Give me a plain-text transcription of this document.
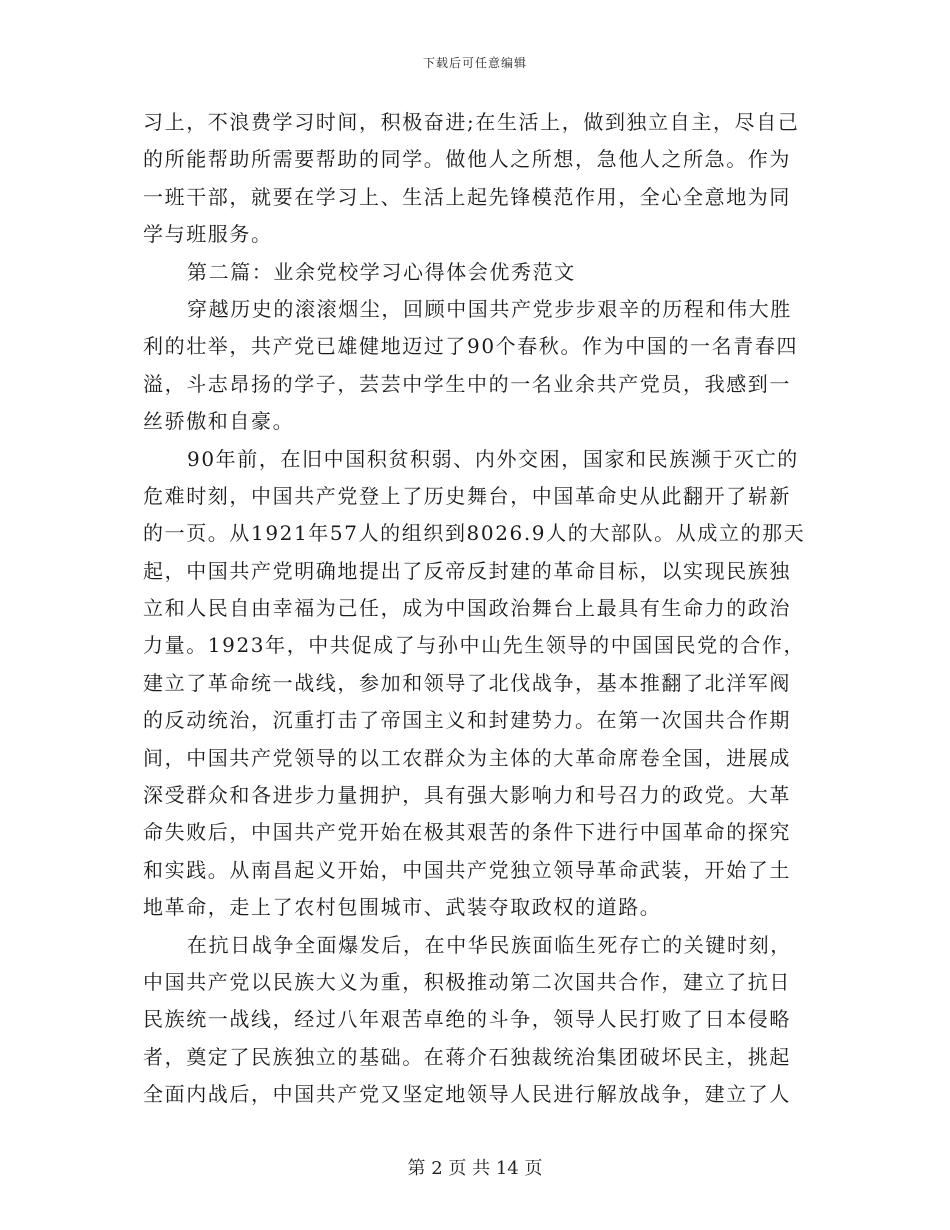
下载后可任意编辑
习上，不浪费学习时间，积极奋进;在生活上，做到独立自主，尽自己
的所能帮助所需要帮助的同学。做他人之所想，急他人之所急。作为
一班干部，就要在学习上、生活上起先锋模范作用，全心全意地为同
学与班服务。
第二篇：业余党校学习心得体会优秀范文
穿越历史的滚滚烟尘，回顾中国共产党步步艰辛的历程和伟大胜
利的壮举，共产党已雄健地迈过了90个春秋。作为中国的一名青春四
溢，斗志昂扬的学子，芸芸中学生中的一名业余共产党员，我感到一
丝骄傲和自豪。
90年前，在旧中国积贫积弱、内外交困，国家和民族濒于灭亡的
危难时刻，中国共产党登上了历史舞台，中国革命史从此翻开了崭新
的一页。从1921年57人的组织到8026.9人的大部队。从成立的那天
起，中国共产党明确地提出了反帝反封建的革命目标，以实现民族独
立和人民自由幸福为己任，成为中国政治舞台上最具有生命力的政治
力量。1923年，中共促成了与孙中山先生领导的中国国民党的合作，
建立了革命统一战线，参加和领导了北伐战争，基本推翻了北洋军阀
的反动统治，沉重打击了帝国主义和封建势力。在第一次国共合作期
间，中国共产党领导的以工农群众为主体的大革命席卷全国，进展成
深受群众和各进步力量拥护，具有强大影响力和号召力的政党。大革
命失败后，中国共产党开始在极其艰苦的条件下进行中国革命的探究
和实践。从南昌起义开始，中国共产党独立领导革命武装，开始了土
地革命，走上了农村包围城市、武装夺取政权的道路。
在抗日战争全面爆发后，在中华民族面临生死存亡的关键时刻，
中国共产党以民族大义为重，积极推动第二次国共合作，建立了抗日
民族统一战线，经过八年艰苦卓绝的斗争，领导人民打败了日本侵略
者，奠定了民族独立的基础。在蒋介石独裁统治集团破坏民主，挑起
全面内战后，中国共产党又坚定地领导人民进行解放战争，建立了人
第 2 页 共 14 页
